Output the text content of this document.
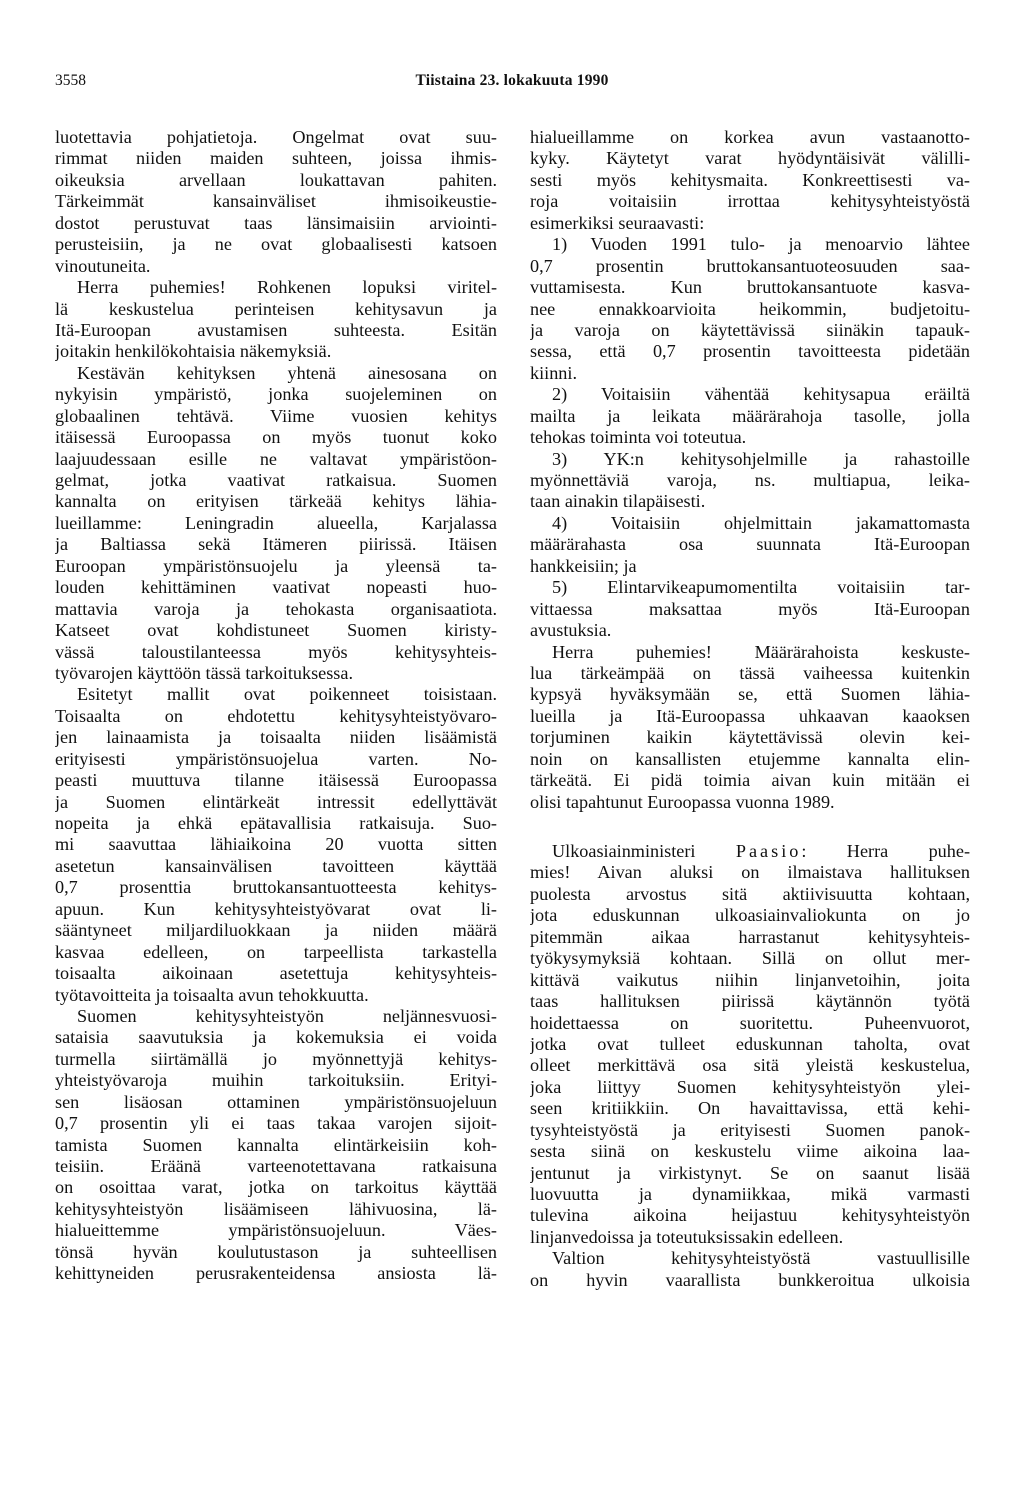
3558	Tiistaina 23. lokakuuta 1990
luotettavia pohjatietoja. Ongelmat ovat suu-
rimmat niiden maiden suhteen, joissa ihmis-
oikeuksia arvellaan loukattavan pahiten.
Tärkeimmät kansainväliset ihmisoikeustie-
dostot perustuvat taas länsimaisiin arviointi-
perusteisiin, ja ne ovat globaalisesti katsoen
vinoutuneita.
Herra puhemies! Rohkenen lopuksi viritel-
lä keskustelua perinteisen kehitysavun ja
Itä-Euroopan avustamisen suhteesta. Esitän
joitakin henkilökohtaisia näkemyksiä.
Kestävän kehityksen yhtenä ainesosana on
nykyisin ympäristö, jonka suojeleminen on
globaalinen tehtävä. Viime vuosien kehitys
itäisessä Euroopassa on myös tuonut koko
laajuudessaan esille ne valtavat ympäristöon-
gelmat, jotka vaativat ratkaisua. Suomen
kannalta on erityisen tärkeää kehitys lähia-
lueillamme: Leningradin alueella, Karjalassa
ja Baltiassa sekä Itämeren piirissä. Itäisen
Euroopan ympäristönsuojelu ja yleensä ta-
louden kehittäminen vaativat nopeasti huo-
mattavia varoja ja tehokasta organisaatiota.
Katseet ovat kohdistuneet Suomen kiristy-
vässä taloustilanteessa myös kehitysyhteis-
työvarojen käyttöön tässä tarkoituksessa.
Esitetyt mallit ovat poikenneet toisistaan.
Toisaalta on ehdotettu kehitysyhteistyövaro-
jen lainaamista ja toisaalta niiden lisäämistä
erityisesti ympäristönsuojelua varten. No-
peasti muuttuva tilanne itäisessä Euroopassa
ja Suomen elintärkeät intressit edellyttävät
nopeita ja ehkä epätavallisia ratkaisuja. Suo-
mi saavuttaa lähiaikoina 20 vuotta sitten
asetetun kansainvälisen tavoitteen käyttää
0,7 prosenttia bruttokansantuotteesta kehitys-
apuun. Kun kehitysyhteistyövarat ovat li-
sääntyneet miljardiluokkaan ja niiden määrä
kasvaa edelleen, on tarpeellista tarkastella
toisaalta aikoinaan asetettuja kehitysyhteis-
työtavoitteita ja toisaalta avun tehokkuutta.
Suomen kehitysyhteistyön neljännesvuosi-
sataisia saavutuksia ja kokemuksia ei voida
turmella siirtämällä jo myönnettyjä kehitys-
yhteistyövaroja muihin tarkoituksiin. Erityi-
sen lisäosan ottaminen ympäristönsuojeluun
0,7 prosentin yli ei taas takaa varojen sijoit-
tamista Suomen kannalta elintärkeisiin koh-
teisiin. Eräänä varteenotettavana ratkaisuna
on osoittaa varat, jotka on tarkoitus käyttää
kehitysyhteistyön lisäämiseen lähivuosina, lä-
hialueittemme ympäristönsuojeluun. Väes-
tönsä hyvän koulutustason ja suhteellisen
kehittyneiden perusrakenteidensa ansiosta lä-
hialueillamme on korkea avun vastaanotto-
kyky. Käytetyt varat hyödyntäisivät välilli-
sesti myös kehitysmaita. Konkreettisesti va-
roja voitaisiin irrottaa kehitysyhteistyöstä
esimerkiksi seuraavasti:
1) Vuoden 1991 tulo- ja menoarvio lähtee
0,7 prosentin bruttokansantuoteosuuden saa-
vuttamisesta. Kun bruttokansantuote kasva-
nee ennakkoarvioita heikommin, budjetoitu-
ja varoja on käytettävissä siinäkin tapauk-
sessa, että 0,7 prosentin tavoitteesta pidetään
kiinni.
2) Voitaisiin vähentää kehitysapua eräiltä
mailta ja leikata määrärahoja tasolle, jolla
tehokas toiminta voi toteutua.
3) YK:n kehitysohjelmille ja rahastoille
myönnettäviä varoja, ns. multiapua, leika-
taan ainakin tilapäisesti.
4) Voitaisiin ohjelmittain jakamattomasta
määrärahasta osa suunnata Itä-Euroopan
hankkeisiin; ja
5) Elintarvikeapumomentilta voitaisiin tar-
vittaessa maksattaa myös Itä-Euroopan
avustuksia.
Herra puhemies! Määrärahoista keskuste-
lua tärkeämpää on tässä vaiheessa kuitenkin
kypsyä hyväksymään se, että Suomen lähia-
lueilla ja Itä-Euroopassa uhkaavan kaaoksen
torjuminen kaikin käytettävissä olevin kei-
noin on kansallisten etujemme kannalta elin-
tärkeätä. Ei pidä toimia aivan kuin mitään ei
olisi tapahtunut Euroopassa vuonna 1989.
Ulkoasiainministeri Paasio: Herra puhe-
mies! Aivan aluksi on ilmaistava hallituksen
puolesta arvostus sitä aktiivisuutta kohtaan,
jota eduskunnan ulkoasiainvaliokunta on jo
pitemmän aikaa harrastanut kehitysyhteis-
työkysymyksiä kohtaan. Sillä on ollut mer-
kittävä vaikutus niihin linjanvetoihin, joita
taas hallituksen piirissä käytännön työtä
hoidettaessa on suoritettu. Puheenvuorot,
jotka ovat tulleet eduskunnan taholta, ovat
olleet merkittävä osa sitä yleistä keskustelua,
joka liittyy Suomen kehitysyhteistyön ylei-
seen kritiikkiin. On havaittavissa, että kehi-
tysyhteistyöstä ja erityisesti Suomen panok-
sesta siinä on keskustelu viime aikoina laa-
jentunut ja virkistynyt. Se on saanut lisää
luovuutta ja dynamiikkaa, mikä varmasti
tulevina aikoina heijastuu kehitysyhteistyön
linjanvedoissa ja toteutuksissakin edelleen.
Valtion kehitysyhteistyöstä vastuullisille
on hyvin vaarallista bunkkeroitua ulkoisia
